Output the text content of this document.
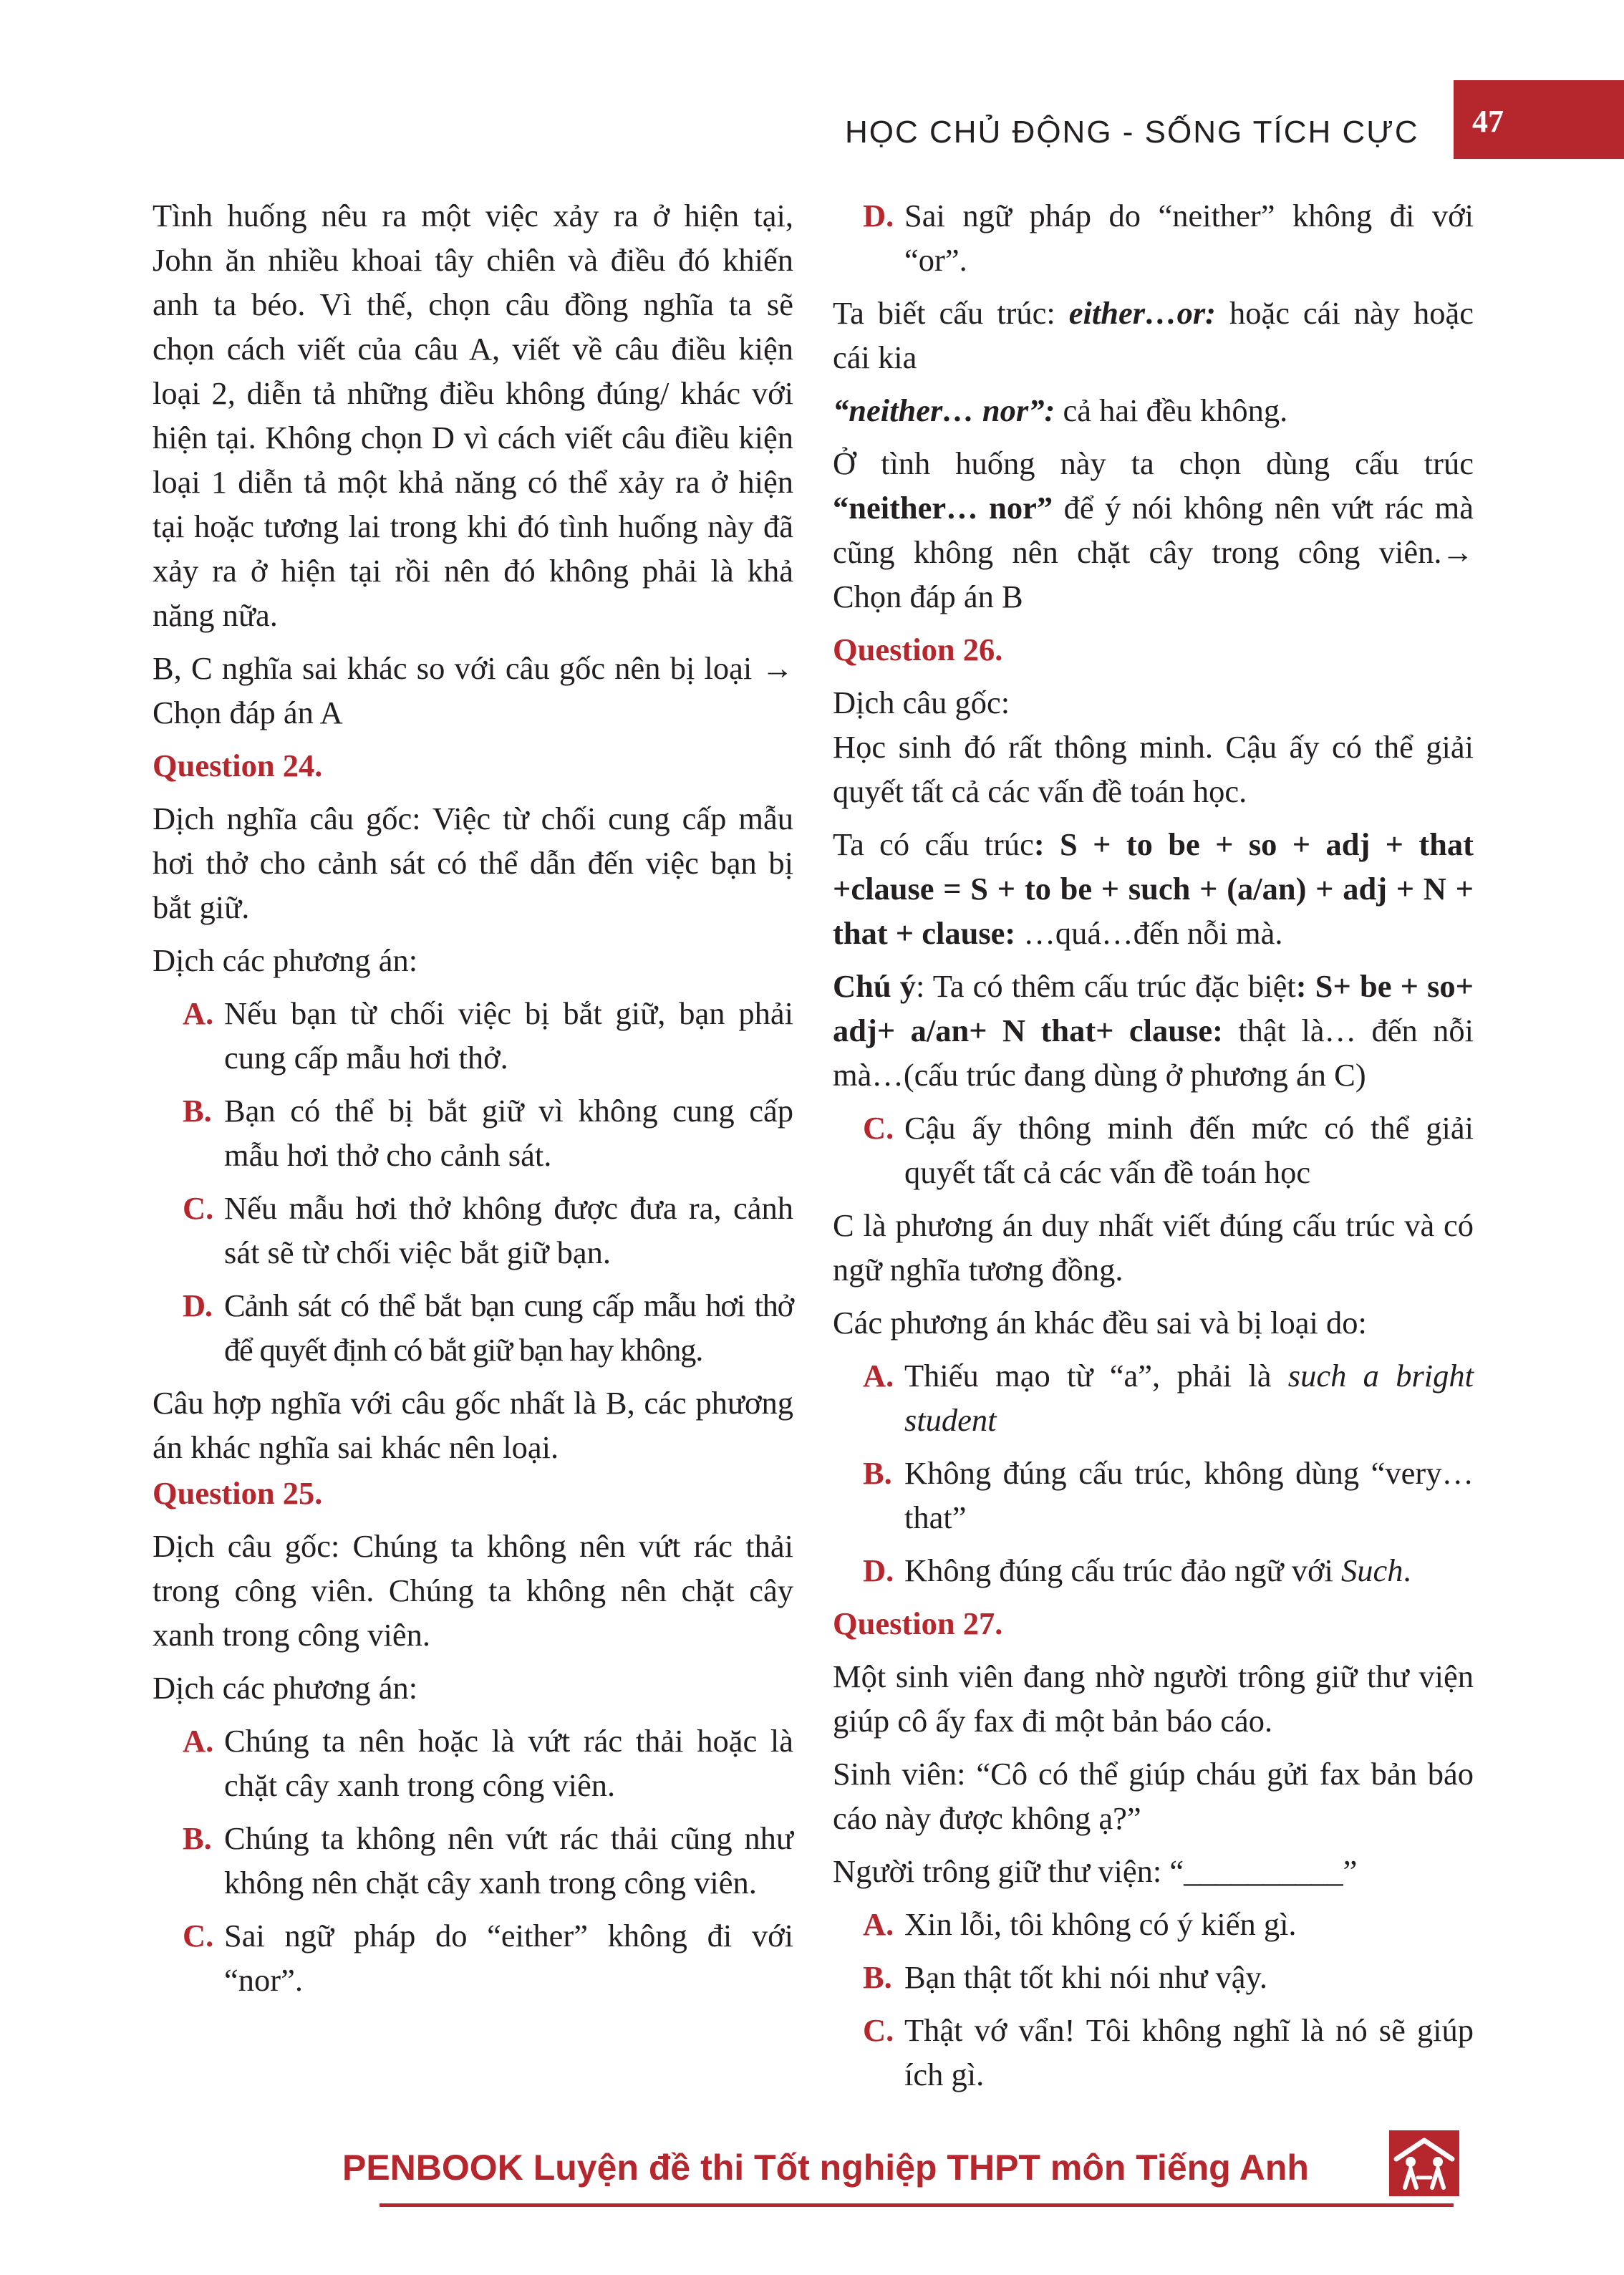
HỌC CHỦ ĐỘNG - SỐNG TÍCH CỰC 47

Tình huống nêu ra một việc xảy ra ở hiện tại, John ăn nhiều khoai tây chiên và điều đó khiến anh ta béo. Vì thế, chọn câu đồng nghĩa ta sẽ chọn cách viết của câu A, viết về câu điều kiện loại 2, diễn tả những điều không đúng/ khác với hiện tại. Không chọn D vì cách viết câu điều kiện loại 1 diễn tả một khả năng có thể xảy ra ở hiện tại hoặc tương lai trong khi đó tình huống này đã xảy ra ở hiện tại rồi nên đó không phải là khả năng nữa.

B, C nghĩa sai khác so với câu gốc nên bị loại → Chọn đáp án A

Question 24.

Dịch nghĩa câu gốc: Việc từ chối cung cấp mẫu hơi thở cho cảnh sát có thể dẫn đến việc bạn bị bắt giữ.

Dịch các phương án:

A. Nếu bạn từ chối việc bị bắt giữ, bạn phải cung cấp mẫu hơi thở.
B. Bạn có thể bị bắt giữ vì không cung cấp mẫu hơi thở cho cảnh sát.
C. Nếu mẫu hơi thở không được đưa ra, cảnh sát sẽ từ chối việc bắt giữ bạn.
D. Cảnh sát có thể bắt bạn cung cấp mẫu hơi thở để quyết định có bắt giữ bạn hay không.

Câu hợp nghĩa với câu gốc nhất là B, các phương án khác nghĩa sai khác nên loại.

Question 25.

Dịch câu gốc: Chúng ta không nên vứt rác thải trong công viên. Chúng ta không nên chặt cây xanh trong công viên.

Dịch các phương án:

A. Chúng ta nên hoặc là vứt rác thải hoặc là chặt cây xanh trong công viên.
B. Chúng ta không nên vứt rác thải cũng như không nên chặt cây xanh trong công viên.
C. Sai ngữ pháp do “either” không đi với “nor”.
D. Sai ngữ pháp do “neither” không đi với “or”.

Ta biết cấu trúc: either…or: hoặc cái này hoặc cái kia

“neither… nor”: cả hai đều không.

Ở tình huống này ta chọn dùng cấu trúc “neither… nor” để ý nói không nên vứt rác mà cũng không nên chặt cây trong công viên.→ Chọn đáp án B

Question 26.

Dịch câu gốc:

Học sinh đó rất thông minh. Cậu ấy có thể giải quyết tất cả các vấn đề toán học.

Ta có cấu trúc: S + to be + so + adj + that +clause = S + to be + such + (a/an) + adj + N + that + clause: …quá…đến nỗi mà.

Chú ý: Ta có thêm cấu trúc đặc biệt: S+ be + so+ adj+ a/an+ N that+ clause: thật là… đến nỗi mà…(cấu trúc đang dùng ở phương án C)

C. Cậu ấy thông minh đến mức có thể giải quyết tất cả các vấn đề toán học

C là phương án duy nhất viết đúng cấu trúc và có ngữ nghĩa tương đồng.

Các phương án khác đều sai và bị loại do:

A. Thiếu mạo từ “a”, phải là such a bright student
B. Không đúng cấu trúc, không dùng “very… that”
D. Không đúng cấu trúc đảo ngữ với Such.
Question 27.

Một sinh viên đang nhờ người trông giữ thư viện giúp cô ấy fax đi một bản báo cáo.

Sinh viên: “Cô có thể giúp cháu gửi fax bản báo cáo này được không ạ?”

Người trông giữ thư viện: “__________”

A. Xin lỗi, tôi không có ý kiến gì.
B. Bạn thật tốt khi nói như vậy.
C. Thật vớ vẩn! Tôi không nghĩ là nó sẽ giúp ích gì.
PENBOOK Luyện đề thi Tốt nghiệp THPT môn Tiếng Anh
